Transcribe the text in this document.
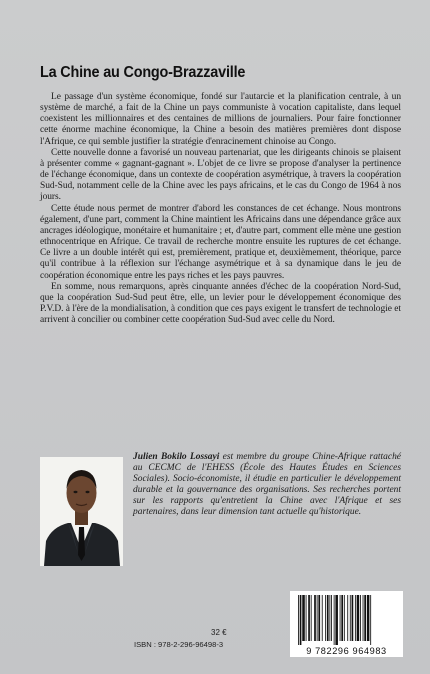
La Chine au Congo-Brazzaville

Le passage d'un système économique, fondé sur l'autarcie et la planification centrale, à un système de marché, a fait de la Chine un pays communiste à vocation capitaliste, dans lequel coexistent les millionnaires et des centaines de millions de journaliers. Pour faire fonctionner cette énorme machine économique, la Chine a besoin des matières premières dont dispose l'Afrique, ce qui semble justifier la stratégie d'enracinement chinoise au Congo.

Cette nouvelle donne a favorisé un nouveau partenariat, que les dirigeants chinois se plaisent à présenter comme « gagnant-gagnant ». L'objet de ce livre se propose d'analyser la pertinence de l'échange économique, dans un contexte de coopération asymétrique, à travers la coopération Sud-Sud, notamment celle de la Chine avec les pays africains, et le cas du Congo de 1964 à nos jours.

Cette étude nous permet de montrer d'abord les constances de cet échange. Nous montrons également, d'une part, comment la Chine maintient les Africains dans une dépendance grâce aux ancrages idéologique, monétaire et humanitaire ; et, d'autre part, comment elle mène une gestion ethnocentrique en Afrique. Ce travail de recherche montre ensuite les ruptures de cet échange. Ce livre a un double intérêt qui est, premièrement, pratique et, deuxièmement, théorique, parce qu'il contribue à la réflexion sur l'échange asymétrique et à sa dynamique dans le jeu de coopération économique entre les pays riches et les pays pauvres.

En somme, nous remarquons, après cinquante années d'échec de la coopération Nord-Sud, que la coopération Sud-Sud peut être, elle, un levier pour le développement économique des P.V.D. à l'ère de la mondialisation, à condition que ces pays exigent le transfert de technologie et arrivent à concilier ou combiner cette coopération Sud-Sud avec celle du Nord.

Julien Bokilo Lossayi est membre du groupe Chine-Afrique rattaché au CECMC de l'EHESS (École des Hautes Études en Sciences Sociales). Socio-économiste, il étudie en particulier le développement durable et la gouvernance des organisations. Ses recherches portent sur les rapports qu'entretient la Chine avec l'Afrique et ses partenaires, dans leur dimension tant actuelle qu'historique.
32 €
ISBN : 978-2-296-96498-3
9 782296 964983
